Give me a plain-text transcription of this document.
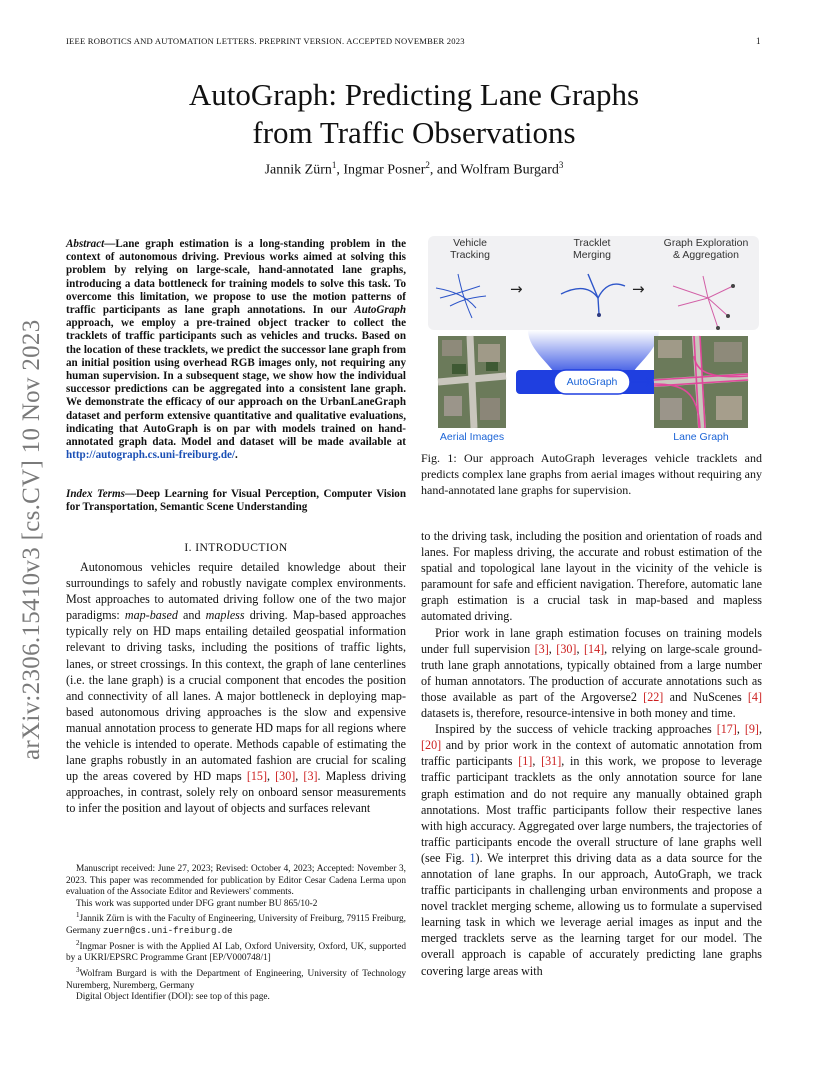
IEEE ROBOTICS AND AUTOMATION LETTERS. PREPRINT VERSION. ACCEPTED NOVEMBER 2023	1
arXiv:2306.15410v3 [cs.CV] 10 Nov 2023
AutoGraph: Predicting Lane Graphs
from Traffic Observations
Jannik Zürn$^1$, Ingmar Posner$^2$, and Wolfram Burgard$^3$
Abstract—Lane graph estimation is a long-standing problem in the context of autonomous driving. Previous works aimed at solving this problem by relying on large-scale, hand-annotated lane graphs, introducing a data bottleneck for training models to solve this task. To overcome this limitation, we propose to use the motion patterns of traffic participants as lane graph annotations. In our AutoGraph approach, we employ a pre-trained object tracker to collect the tracklets of traffic participants such as vehicles and trucks. Based on the location of these tracklets, we predict the successor lane graph from an initial position using overhead RGB images only, not requiring any human supervision. In a subsequent stage, we show how the individual successor predictions can be aggregated into a consistent lane graph. We demonstrate the efficacy of our approach on the UrbanLaneGraph dataset and perform extensive quantitative and qualitative evaluations, indicating that AutoGraph is on par with models trained on hand-annotated graph data. Model and dataset will be made available at http://autograph.cs.uni-freiburg.de/.
Index Terms—Deep Learning for Visual Perception, Computer Vision for Transportation, Semantic Scene Understanding
I. INTRODUCTION

Autonomous vehicles require detailed knowledge about their surroundings to safely and robustly navigate complex environments. Most approaches to automated driving follow one of the two major paradigms: map-based and mapless driving. Map-based approaches typically rely on HD maps entailing detailed geospatial information relevant to driving tasks, including the positions of traffic lights, lanes, or street crossings. In this context, the graph of lane centerlines (i.e. the lane graph) is a crucial component that encodes the position and connectivity of all lanes. A major bottleneck in deploying map-based autonomous driving approaches is the slow and expensive manual annotation process to generate HD maps for all regions where the vehicle is intended to operate. Methods capable of estimating the lane graphs robustly in an automated fashion are crucial for scaling up the areas covered by HD maps [15], [30], [3]. Mapless driving approaches, in contrast, solely rely on onboard sensor measurements to infer the position and layout of objects and surfaces relevant

Manuscript received: June 27, 2023; Revised: October 4, 2023; Accepted: November 3, 2023. This paper was recommended for publication by Editor Cesar Cadena Lerma upon evaluation of the Associate Editor and Reviewers' comments.

This work was supported under DFG grant number BU 865/10-2

$^1$Jannik Zürn is with the Faculty of Engineering, University of Freiburg, 79115 Freiburg, Germany zuern@cs.uni-freiburg.de

$^2$Ingmar Posner is with the Applied AI Lab, Oxford University, Oxford, UK, supported by a UKRI/EPSRC Programme Grant [EP/V000748/1]

$^3$Wolfram Burgard is with the Department of Engineering, University of Technology Nuremberg, Nuremberg, Germany

Digital Object Identifier (DOI): see top of this page.

Vehicle
Tracking
Tracklet
Merging
Graph Exploration
& Aggregation
→	→
AutoGraph
Aerial Images	Lane Graph
Fig. 1: Our approach AutoGraph leverages vehicle tracklets and predicts complex lane graphs from aerial images without requiring any hand-annotated lane graphs for supervision.

to the driving task, including the position and orientation of roads and lanes. For mapless driving, the accurate and robust estimation of the spatial and topological lane layout in the vicinity of the vehicle is paramount for safe and efficient navigation. Therefore, automatic lane graph estimation is a crucial task in map-based and mapless automated driving.

Prior work in lane graph estimation focuses on training models under full supervision [3], [30], [14], relying on large-scale ground-truth lane graph annotations, typically obtained from a large number of human annotators. The production of accurate annotations such as those available as part of the Argoverse2 [22] and NuScenes [4] datasets is, therefore, resource-intensive in both money and time.

Inspired by the success of vehicle tracking approaches [17], [9], [20] and by prior work in the context of automatic annotation from traffic participants [1], [31], in this work, we propose to leverage traffic participant tracklets as the only annotation source for lane graph estimation and do not require any manually obtained graph annotations. Most traffic participants follow their respective lanes with high accuracy. Aggregated over large numbers, the trajectories of traffic participants encode the overall structure of lane graphs well (see Fig. 1). We interpret this driving data as a data source for the annotation of lane graphs. In our approach, AutoGraph, we track traffic participants in challenging urban environments and propose a novel tracklet merging scheme, allowing us to formulate a supervised learning task in which we leverage aerial images as input and the merged tracklets serve as the learning target for our model. The overall approach is capable of accurately predicting lane graphs covering large areas with
